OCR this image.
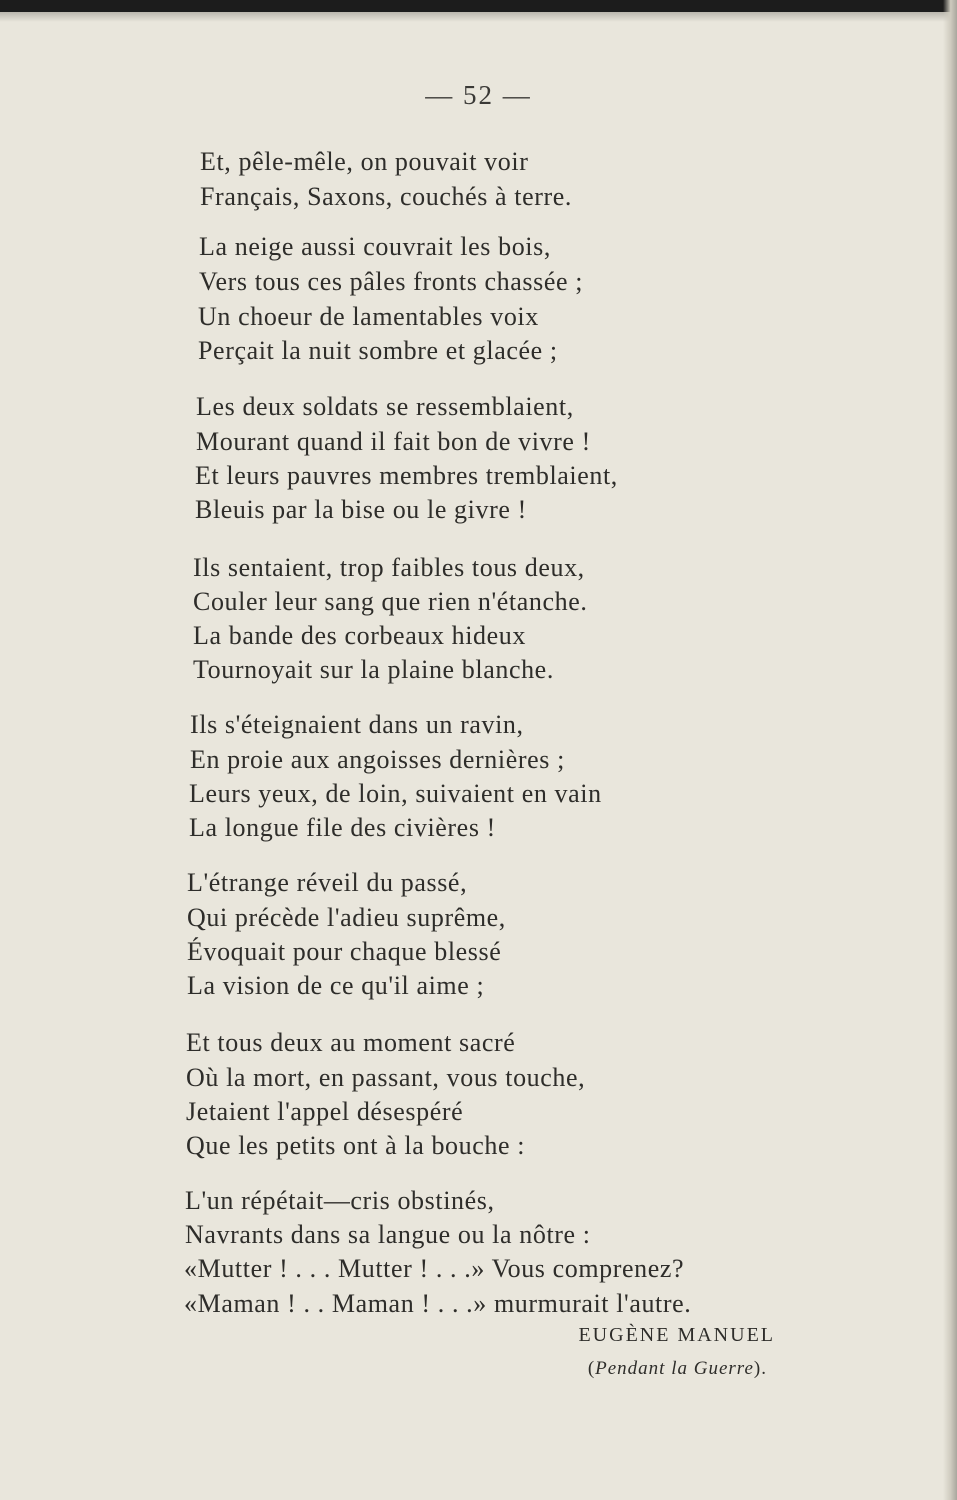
— 52 —
Et, pêle-mêle, on pouvait voir
Français, Saxons, couchés à terre.
La neige aussi couvrait les bois,
Vers tous ces pâles fronts chassée ;
Un choeur de lamentables voix
Perçait la nuit sombre et glacée ;
Les deux soldats se ressemblaient,
Mourant quand il fait bon de vivre !
Et leurs pauvres membres tremblaient,
Bleuis par la bise ou le givre !
Ils sentaient, trop faibles tous deux,
Couler leur sang que rien n'étanche.
La bande des corbeaux hideux
Tournoyait sur la plaine blanche.
Ils s'éteignaient dans un ravin,
En proie aux angoisses dernières ;
Leurs yeux, de loin, suivaient en vain
La longue file des civières !
L'étrange réveil du passé,
Qui précède l'adieu suprême,
Évoquait pour chaque blessé
La vision de ce qu'il aime ;
Et tous deux au moment sacré
Où la mort, en passant, vous touche,
Jetaient l'appel désespéré
Que les petits ont à la bouche :
L'un répétait—cris obstinés,
Navrants dans sa langue ou la nôtre :
«Mutter ! . . . Mutter ! . . .» Vous comprenez?
«Maman ! . . Maman ! . . .» murmurait l'autre.
EUGÈNE MANUEL
(Pendant la Guerre).
